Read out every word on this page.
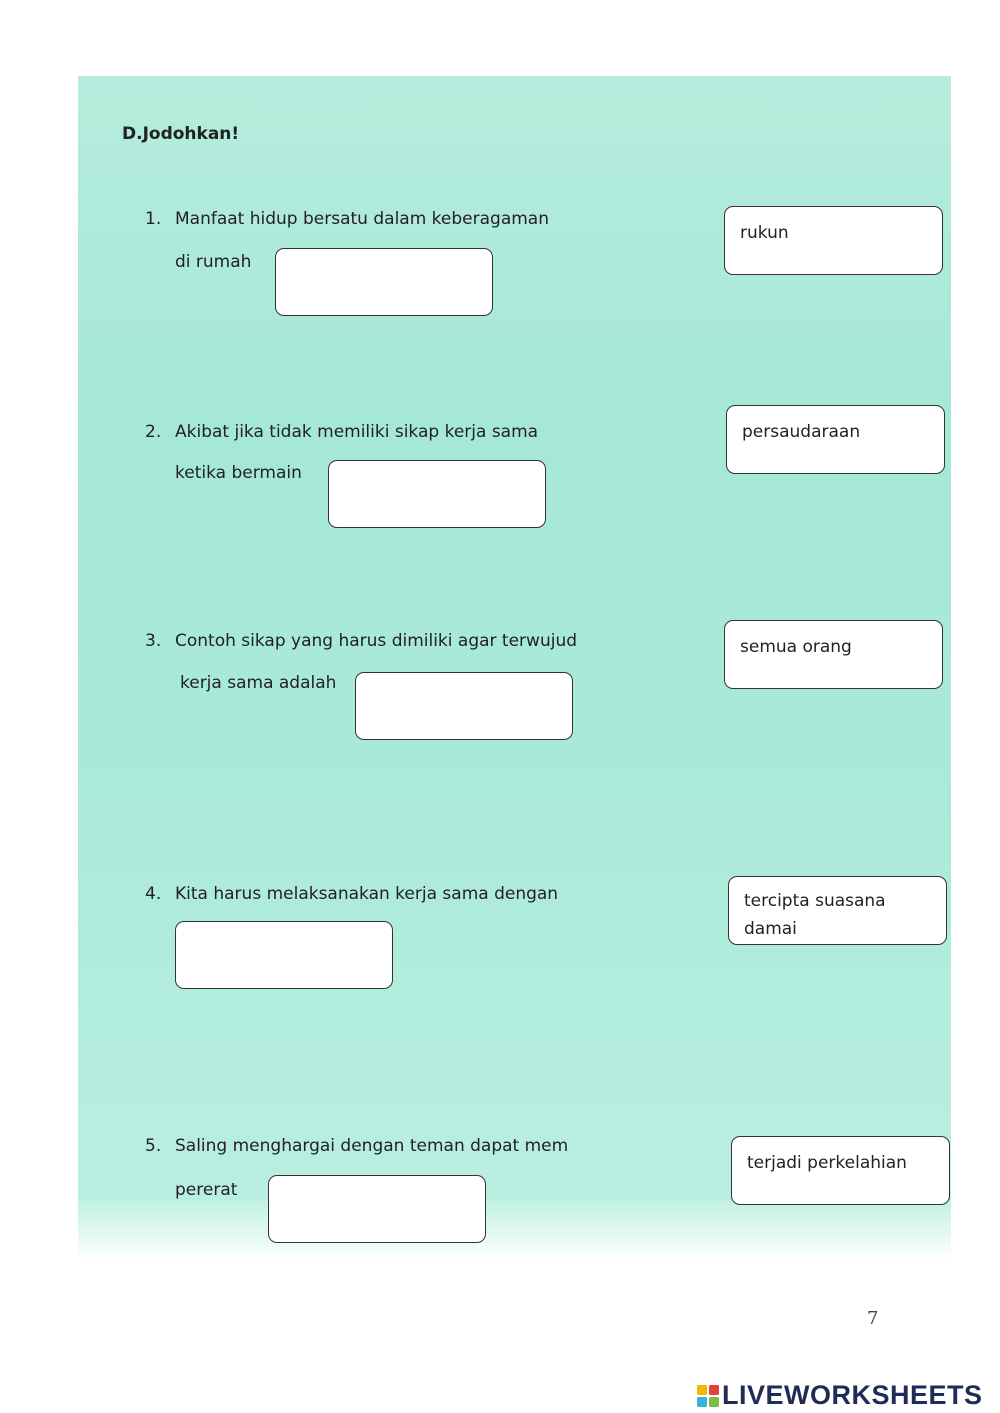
D.Jodohkan!
1. Manfaat hidup bersatu dalam keberagaman
di rumah
2. Akibat jika tidak memiliki sikap kerja sama
ketika bermain
3. Contoh sikap yang harus dimiliki agar terwujud
kerja sama adalah
4. Kita harus melaksanakan kerja sama dengan
5. Saling menghargai dengan teman dapat mem
pererat
rukun
persaudaraan
semua orang
tercipta suasana damai
terjadi perkelahian
7
LIVEWORKSHEETS
